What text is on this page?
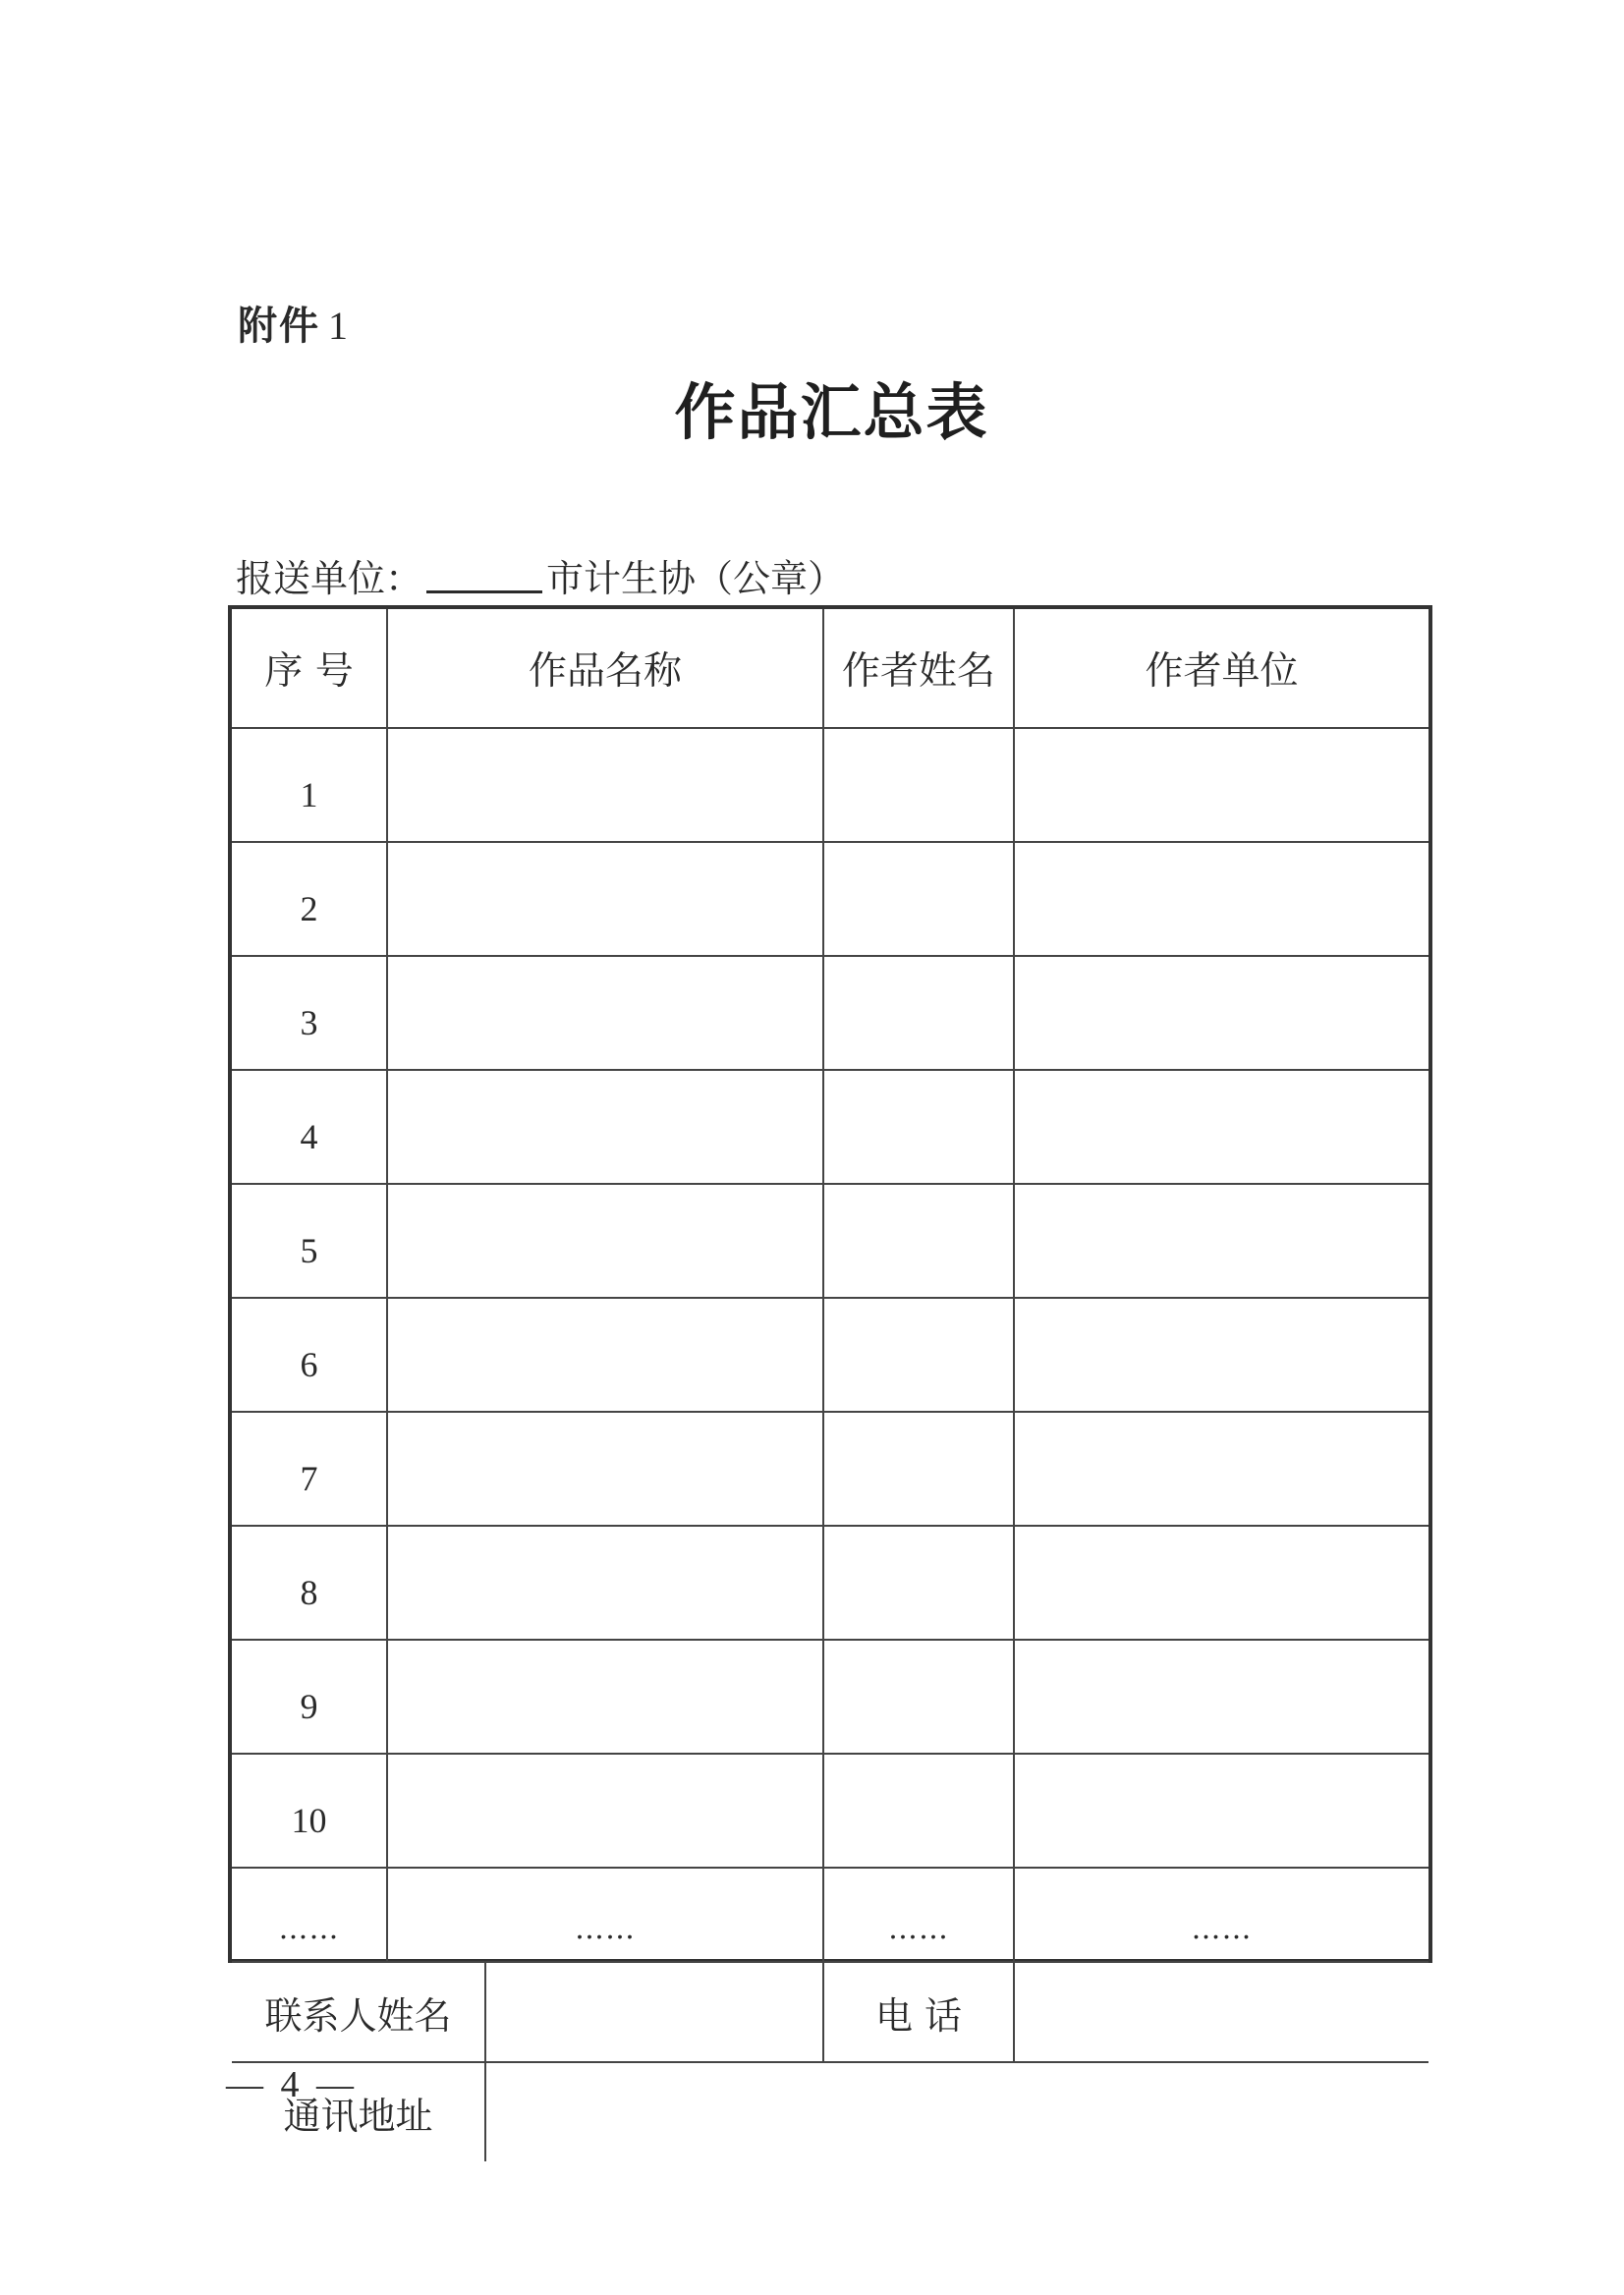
附件 1
作品汇总表
报送单位：	市计生协（公章）
序 号	作品名称		作者姓名	作者单位
1				
2				
3				
4				
5				
6				
7				
8				
9				
10				
……	……		……	……
联系人姓名			电 话	
通讯地址				
— 4 —
